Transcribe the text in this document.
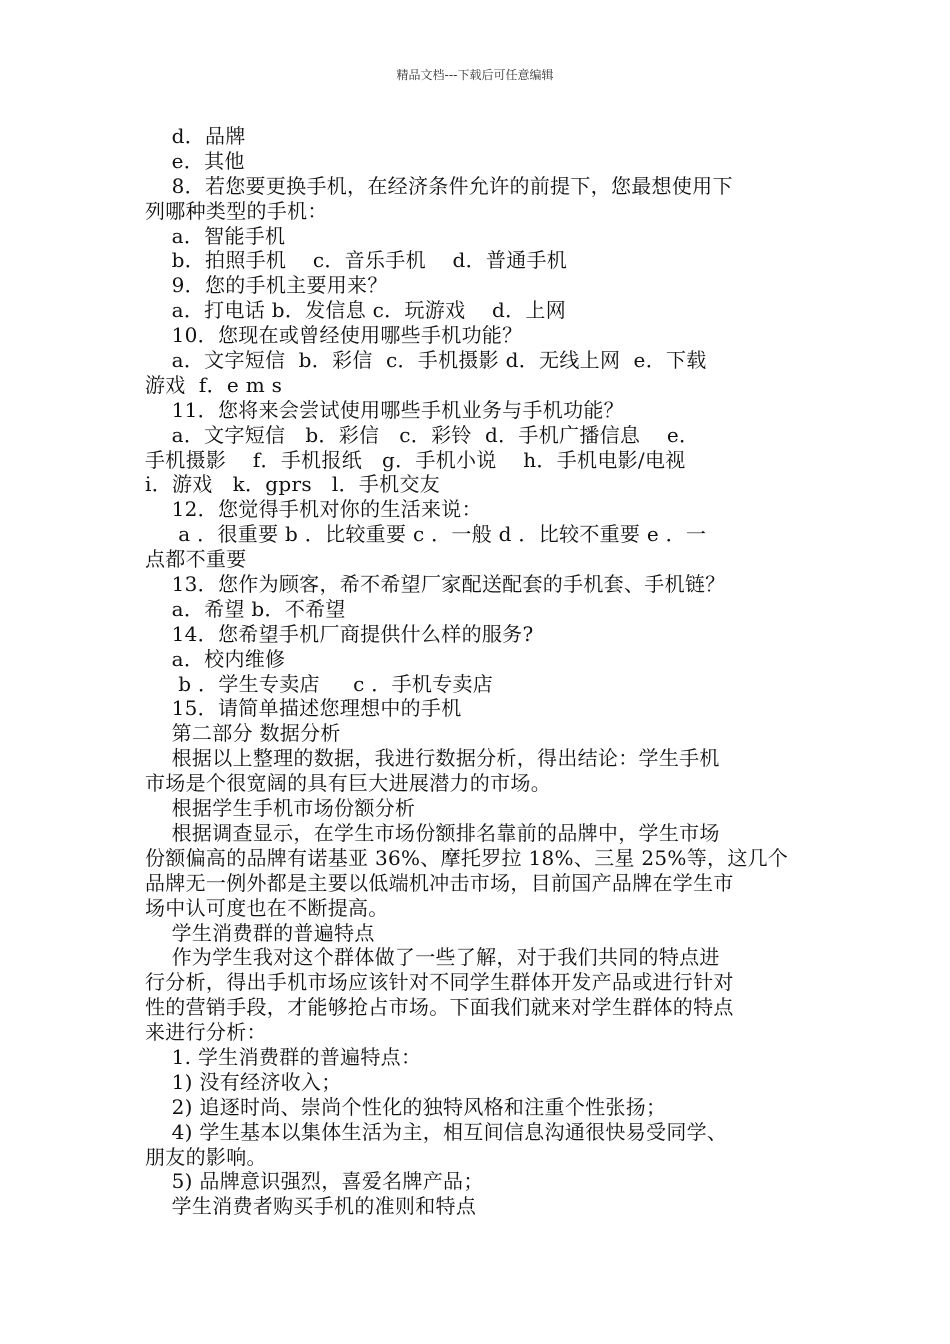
精品文档---下载后可任意编辑
d．品牌
e．其他
8．若您要更换手机，在经济条件允许的前提下，您最想使用下
列哪种类型的手机：
a．智能手机
b．拍照手机    c．音乐手机    d．普通手机
9．您的手机主要用来？
a．打电话 b．发信息 c．玩游戏    d．上网
10．您现在或曾经使用哪些手机功能？
a．文字短信  b．彩信  c．手机摄影 d．无线上网  e．下载
游戏  f．e m s
11．您将来会尝试使用哪些手机业务与手机功能？
a．文字短信   b．彩信   c．彩铃  d．手机广播信息    e．
手机摄影    f．手机报纸   g．手机小说    h．手机电影/电视
i．游戏   k．gprs   l．手机交友
12．您觉得手机对你的生活来说：
a ．很重要 b ．比较重要 c ．一般 d ．比较不重要 e ．一
点都不重要
13．您作为顾客，希不希望厂家配送配套的手机套、手机链？
a．希望 b．不希望
14．您希望手机厂商提供什么样的服务?
a．校内维修
b ．学生专卖店     c ．手机专卖店
15．请简单描述您理想中的手机
第二部分 数据分析
根据以上整理的数据，我进行数据分析，得出结论：学生手机
市场是个很宽阔的具有巨大进展潜力的市场。
根据学生手机市场份额分析
根据调查显示，在学生市场份额排名靠前的品牌中，学生市场
份额偏高的品牌有诺基亚 36%、摩托罗拉 18%、三星 25%等，这几个
品牌无一例外都是主要以低端机冲击市场，目前国产品牌在学生市
场中认可度也在不断提高。
学生消费群的普遍特点
作为学生我对这个群体做了一些了解，对于我们共同的特点进
行分析，得出手机市场应该针对不同学生群体开发产品或进行针对
性的营销手段，才能够抢占市场。下面我们就来对学生群体的特点
来进行分析：
1. 学生消费群的普遍特点：
1) 没有经济收入；
2) 追逐时尚、崇尚个性化的独特风格和注重个性张扬；
4) 学生基本以集体生活为主，相互间信息沟通很快易受同学、
朋友的影响。
5) 品牌意识强烈，喜爱名牌产品；
学生消费者购买手机的准则和特点
